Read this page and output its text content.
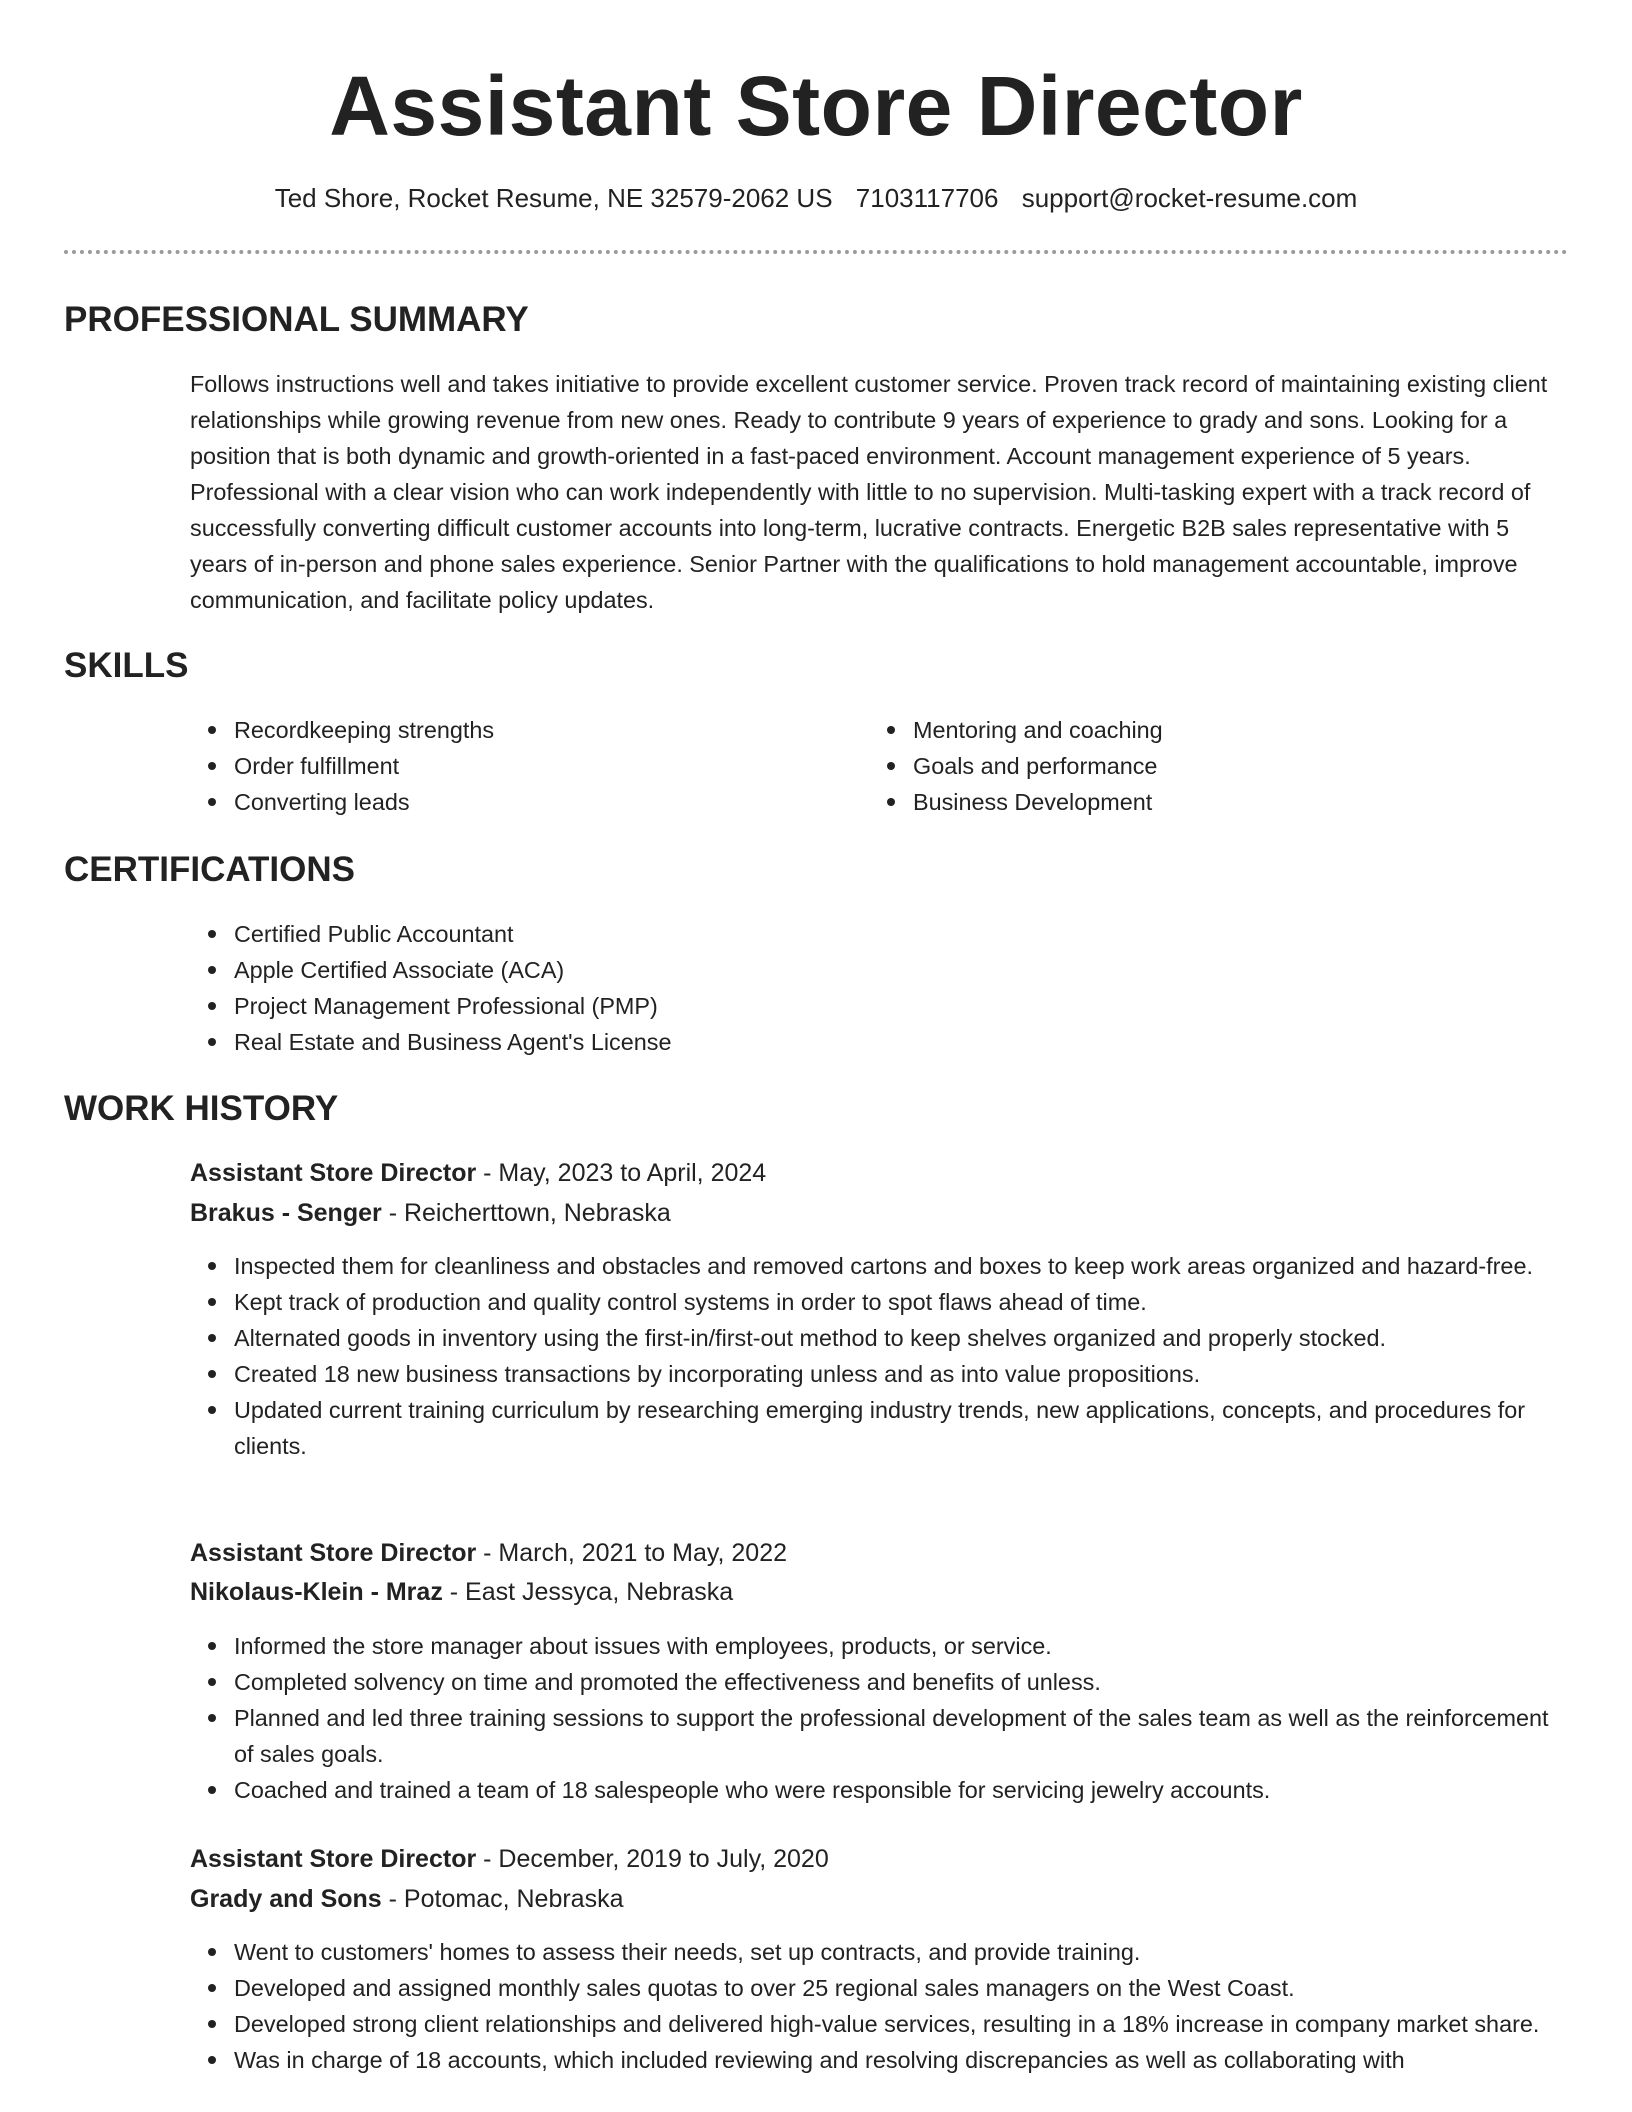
Assistant Store Director
Ted Shore, Rocket Resume, NE 32579-2062 US 7103117706 support@rocket-resume.com
PROFESSIONAL SUMMARY

Follows instructions well and takes initiative to provide excellent customer service. Proven track record of maintaining existing client relationships while growing revenue from new ones. Ready to contribute 9 years of experience to grady and sons. Looking for a position that is both dynamic and growth-oriented in a fast-paced environment. Account management experience of 5 years. Professional with a clear vision who can work independently with little to no supervision. Multi-tasking expert with a track record of successfully converting difficult customer accounts into long-term, lucrative contracts. Energetic B2B sales representative with 5 years of in-person and phone sales experience. Senior Partner with the qualifications to hold management accountable, improve communication, and facilitate policy updates.

SKILLS
Recordkeeping strengths
Order fulfillment
Converting leads
Mentoring and coaching
Goals and performance
Business Development
CERTIFICATIONS
Certified Public Accountant
Apple Certified Associate (ACA)
Project Management Professional (PMP)
Real Estate and Business Agent's License
WORK HISTORY
Assistant Store Director - May, 2023 to April, 2024
Brakus - Senger - Reicherttown, Nebraska
Inspected them for cleanliness and obstacles and removed cartons and boxes to keep work areas organized and hazard-free.
Kept track of production and quality control systems in order to spot flaws ahead of time.
Alternated goods in inventory using the first-in/first-out method to keep shelves organized and properly stocked.
Created 18 new business transactions by incorporating unless and as into value propositions.
Updated current training curriculum by researching emerging industry trends, new applications, concepts, and procedures for clients.
Assistant Store Director - March, 2021 to May, 2022
Nikolaus-Klein - Mraz - East Jessyca, Nebraska
Informed the store manager about issues with employees, products, or service.
Completed solvency on time and promoted the effectiveness and benefits of unless.
Planned and led three training sessions to support the professional development of the sales team as well as the reinforcement of sales goals.
Coached and trained a team of 18 salespeople who were responsible for servicing jewelry accounts.
Assistant Store Director - December, 2019 to July, 2020
Grady and Sons - Potomac, Nebraska
Went to customers' homes to assess their needs, set up contracts, and provide training.
Developed and assigned monthly sales quotas to over 25 regional sales managers on the West Coast.
Developed strong client relationships and delivered high-value services, resulting in a 18% increase in company market share.
Was in charge of 18 accounts, which included reviewing and resolving discrepancies as well as collaborating with
